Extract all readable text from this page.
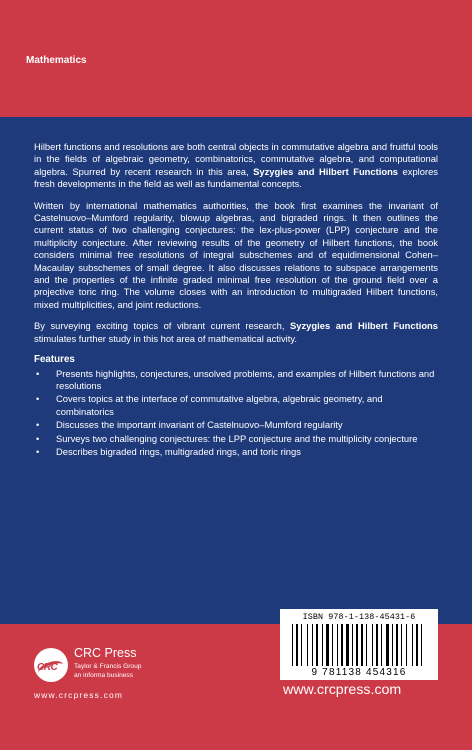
Mathematics

Hilbert functions and resolutions are both central objects in commutative algebra and fruitful tools in the fields of algebraic geometry, combinatorics, commutative algebra, and computational algebra. Spurred by recent research in this area, Syzygies and Hilbert Functions explores fresh developments in the field as well as fundamental concepts.

Written by international mathematics authorities, the book first examines the invariant of Castelnuovo–Mumford regularity, blowup algebras, and bigraded rings. It then outlines the current status of two challenging conjectures: the lex-plus-power (LPP) conjecture and the multiplicity conjecture. After reviewing results of the geometry of Hilbert functions, the book considers minimal free resolutions of integral subschemes and of equidimensional Cohen–Macaulay subschemes of small degree. It also discusses relations to subspace arrangements and the properties of the infinite graded minimal free resolution of the ground field over a projective toric ring. The volume closes with an introduction to multigraded Hilbert functions, mixed multiplicities, and joint reductions.

By surveying exciting topics of vibrant current research, Syzygies and Hilbert Functions stimulates further study in this hot area of mathematical activity.

Features
• Presents highlights, conjectures, unsolved problems, and examples of Hilbert functions and resolutions
• Covers topics at the interface of commutative algebra, algebraic geometry, and combinatorics
• Discusses the important invariant of Castelnuovo–Mumford regularity
• Surveys two challenging conjectures: the LPP conjecture and the multiplicity conjecture
• Describes bigraded rings, multigraded rings, and toric rings
CRC
CRC Press
Taylor & Francis Group
an informa business
www.crcpress.com
ISBN 978-1-138-45431-6
9 781138 454316
www.crcpress.com
